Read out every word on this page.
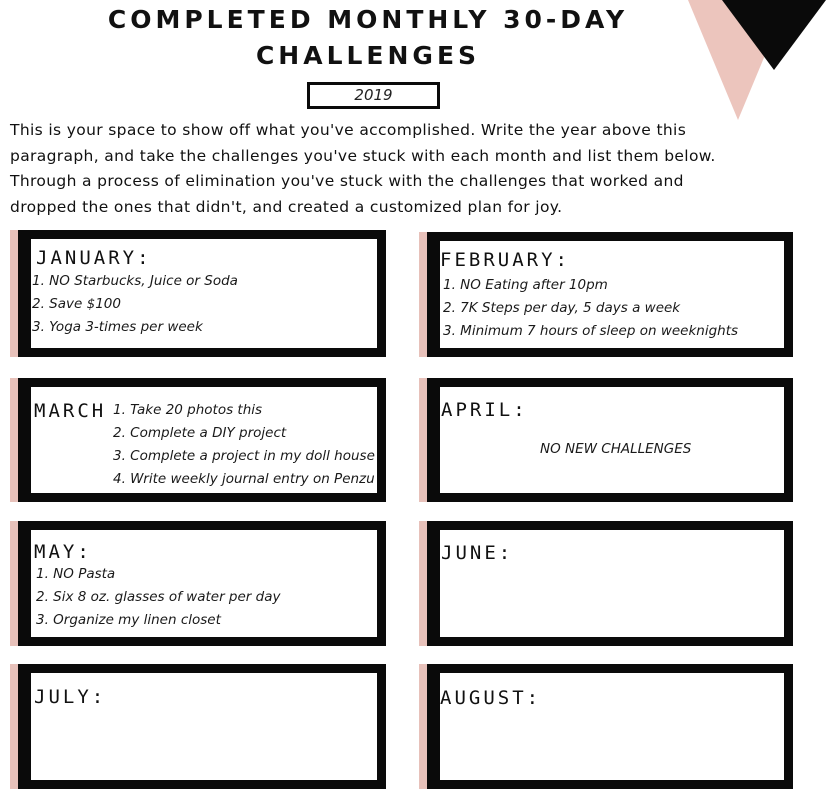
COMPLETED MONTHLY 30-DAY
CHALLENGES
2019
This is your space to show off what you've accomplished. Write the year above this
paragraph, and take the challenges you've stuck with each month and list them below.
Through a process of elimination you've stuck with the challenges that worked and
dropped the ones that didn't, and created a customized plan for joy.
JANUARY:
1. NO Starbucks, Juice or Soda
2. Save $100
3. Yoga 3-times per week
FEBRUARY:
1. NO Eating after 10pm
2. 7K Steps per day, 5 days a week
3. Minimum 7 hours of sleep on weeknights
MARCH 1. Take 20 photos this
2. Complete a DIY project
3. Complete a project in my doll house
4. Write weekly journal entry on Penzu
APRIL:
NO NEW CHALLENGES
MAY:
1. NO Pasta
2. Six 8 oz. glasses of water per day
3. Organize my linen closet
JUNE:
JULY:	AUGUST:
